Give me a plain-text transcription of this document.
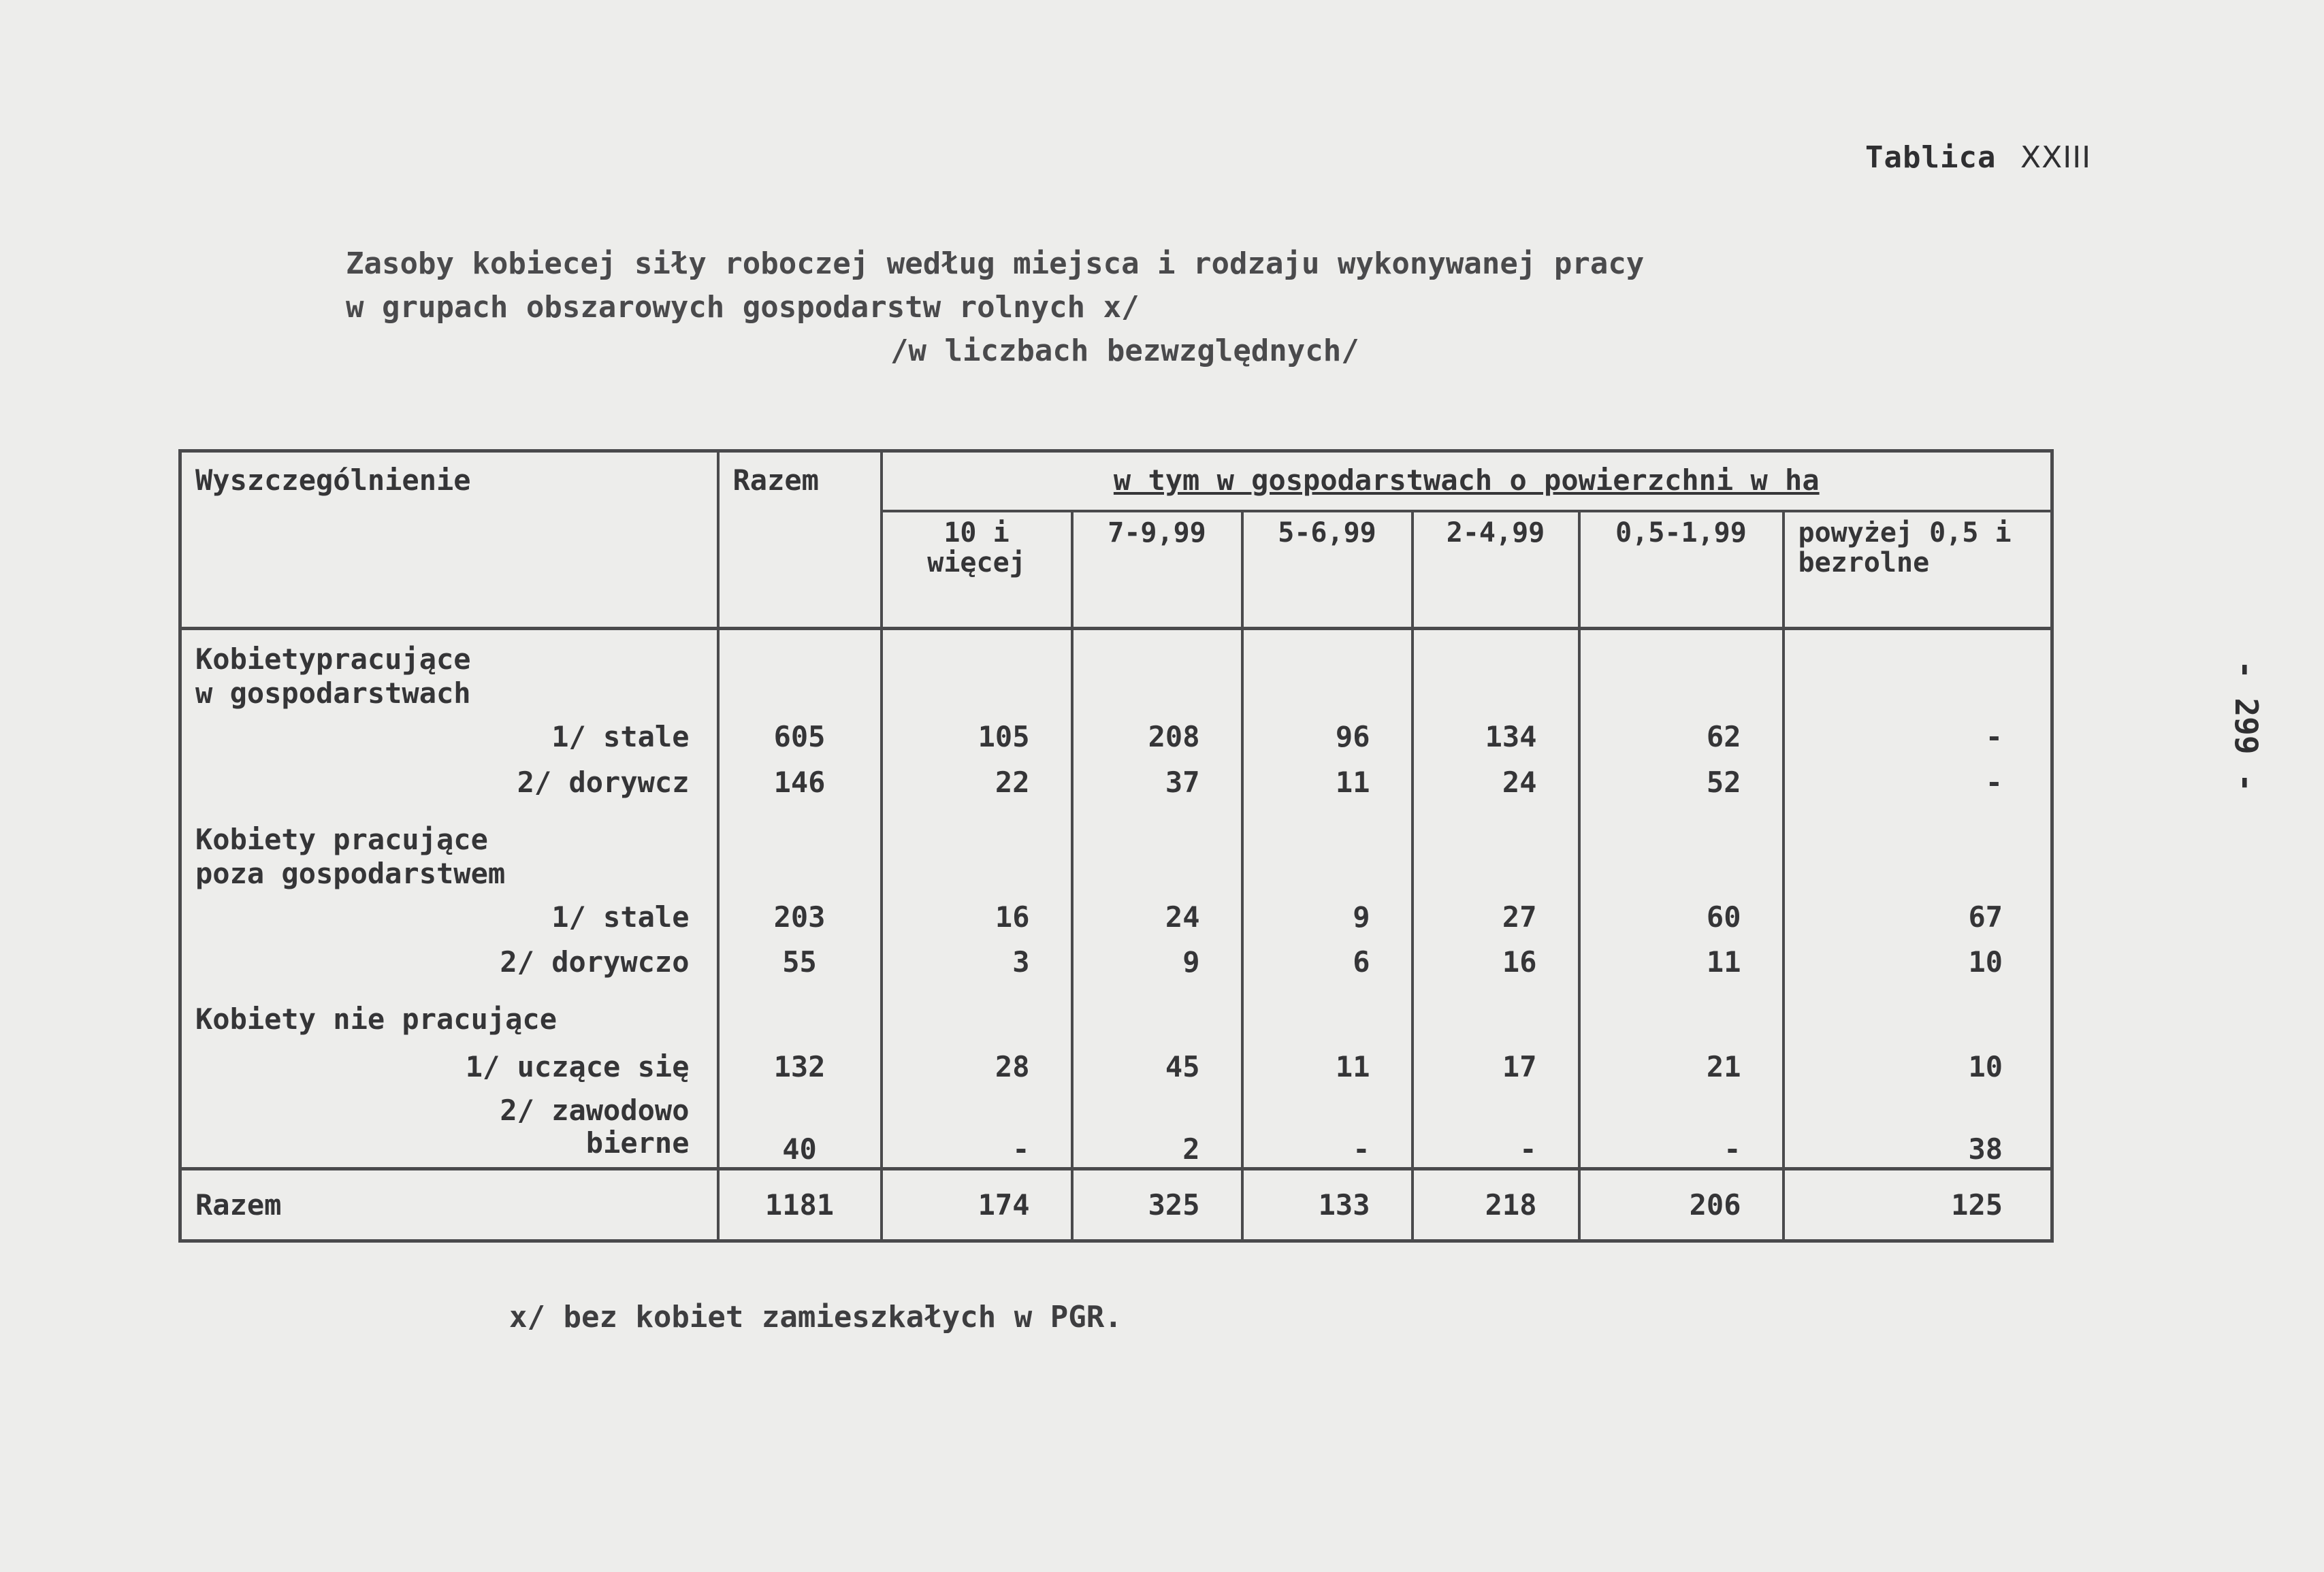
Tablica XXIII
Zasoby kobiecej siły roboczej według miejsca i rodzaju wykonywanej pracy
w grupach obszarowych gospodarstw rolnych x/
/w liczbach bezwzględnych/
- 299 -
Wyszczególnienie	Razem	w tym w gospodarstwach o powierzchni w ha					
		10 i więcej	7-9,99	5-6,99	2-4,99	0,5-1,99	powyżej 0,5 i bezrolne
Kobietypracujące
w gospodarstwach							
1/ stale	605	105	208	96	134	62	-
2/ dorywcz	146	22	37	11	24	52	-
Kobiety pracujące
poza gospodarstwem							
1/ stale	203	16	24	9	27	60	67
2/ dorywczo	55	3	9	6	16	11	10
Kobiety nie pracujące							
1/ uczące się	132	28	45	11	17	21	10
2/ zawodowo
bierne	40	-	2	-	-	-	38
Razem	1181	174	325	133	218	206	125
x/ bez kobiet zamieszkałych w PGR.
